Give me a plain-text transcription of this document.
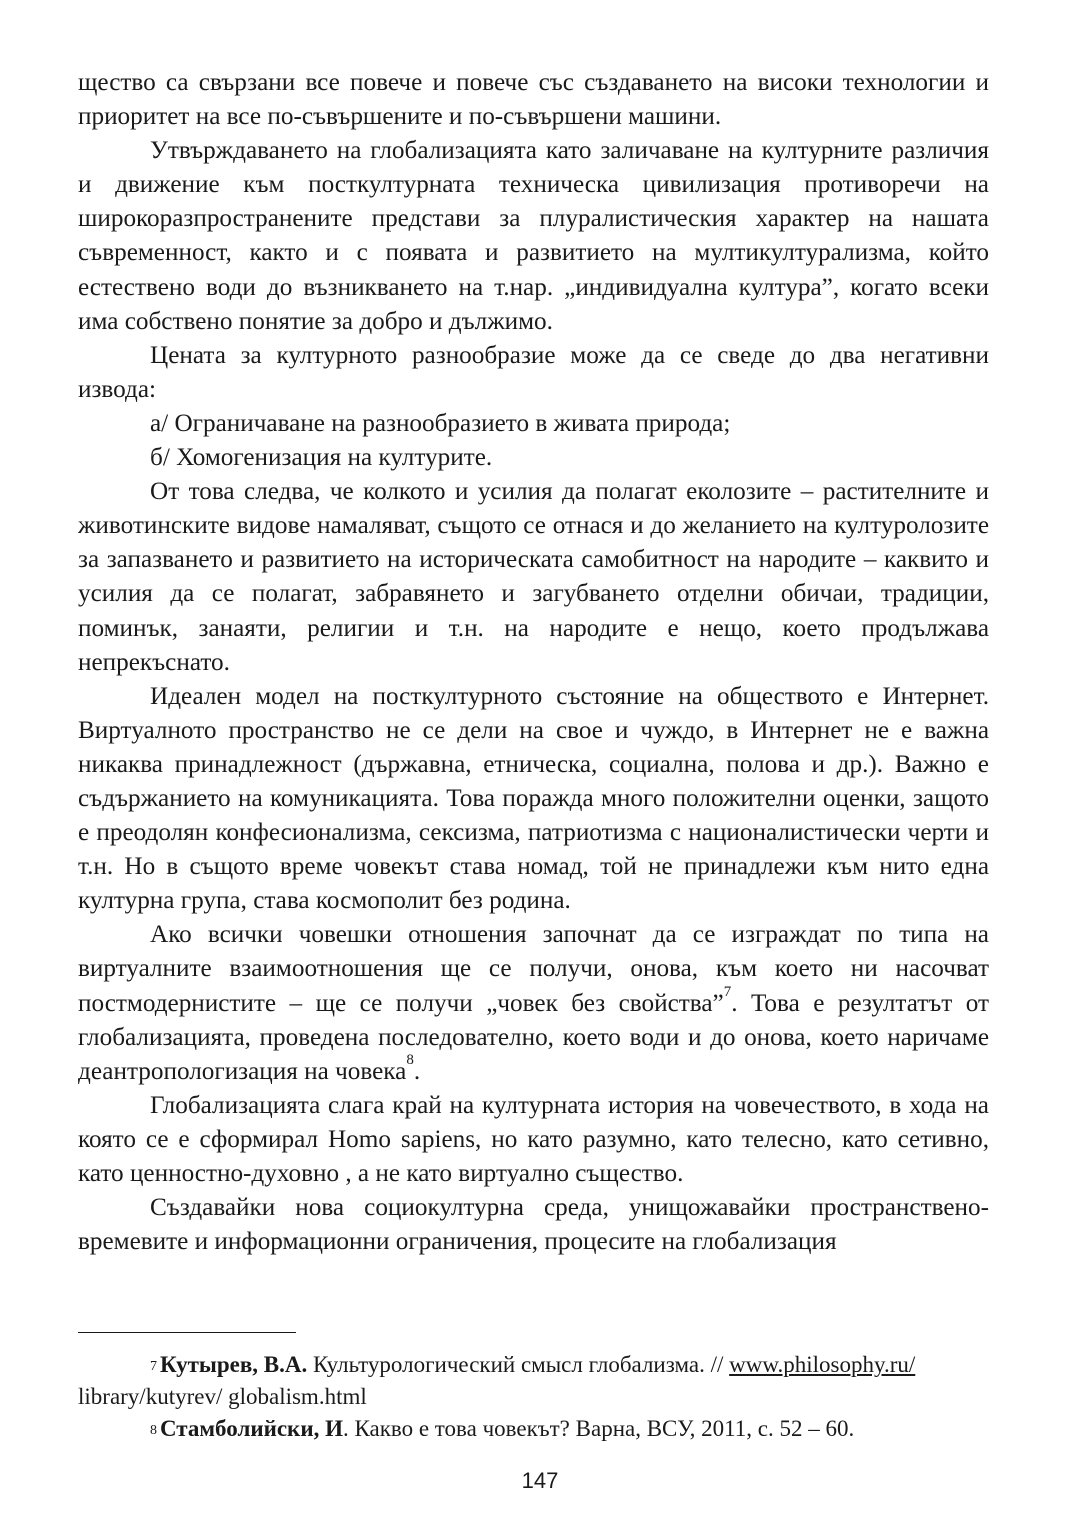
щество са свързани все повече и повече със създаването на високи технологии и приоритет на все по-съвършените и по-съвършени машини.

Утвърждаването на глобализацията като заличаване на културните различия и движение към посткултурната техническа цивилизация противоречи на широкоразпространените представи за плуралистическия характер на нашата съвременност, както и с появата и развитието на мултикултурализма, който естествено води до възникването на т.нар. „индивидуална култура”, когато всеки има собствено понятие за добро и дължимо.

Цената за културното разнообразие може да се сведе до два негативни извода:

а/ Ограничаване на разнообразието в живата природа;

б/ Хомогенизация на културите.

От това следва, че колкото и усилия да полагат еколозите – растителните и животинските видове намаляват, същото се отнася и до желанието на културолозите за запазването и развитието на историческата самобитност на народите – каквито и усилия да се полагат, забравянето и загубването отделни обичаи, традиции, поминък, занаяти, религии и т.н. на народите е нещо, което продължава непрекъснато.

Идеален модел на посткултурното състояние на обществото е Интернет. Виртуалното пространство не се дели на свое и чуждо, в Интернет не е важна никаква принадлежност (държавна, етническа, социална, полова и др.). Важно е съдържанието на комуникацията. Това поражда много положителни оценки, защото е преодолян конфесионализма, сексизма, патриотизма с националистически черти и т.н. Но в същото време човекът става номад, той не принадлежи към нито една културна група, става космополит без родина.

Ако всички човешки отношения започнат да се изграждат по типа на виртуалните взаимоотношения ще се получи, онова, към което ни насочват постмодернистите – ще се получи „човек без свойства”$^7$. Това е резултатът от глобализацията, проведена последователно, което води и до онова, което наричаме деантропологизация на човека$^8$.

Глобализацията слага край на културната история на човечеството, в хода на която се е сформирал Homo sapiens, но като разумно, като телесно, като сетивно, като ценностно-духовно , а не като виртуално същество.

Създавайки нова социокултурна среда, унищожавайки пространствено-времевите и информационни ограничения, процесите на глобализация

$^7$ Кутырев, В.А. Культурологический смысл глобализма. // www.philosophy.ru/
library/kutyrev/ globalism.html

$^8$ Стамболийски, И. Какво е това човекът? Варна, ВСУ, 2011, с. 52 – 60.

147
